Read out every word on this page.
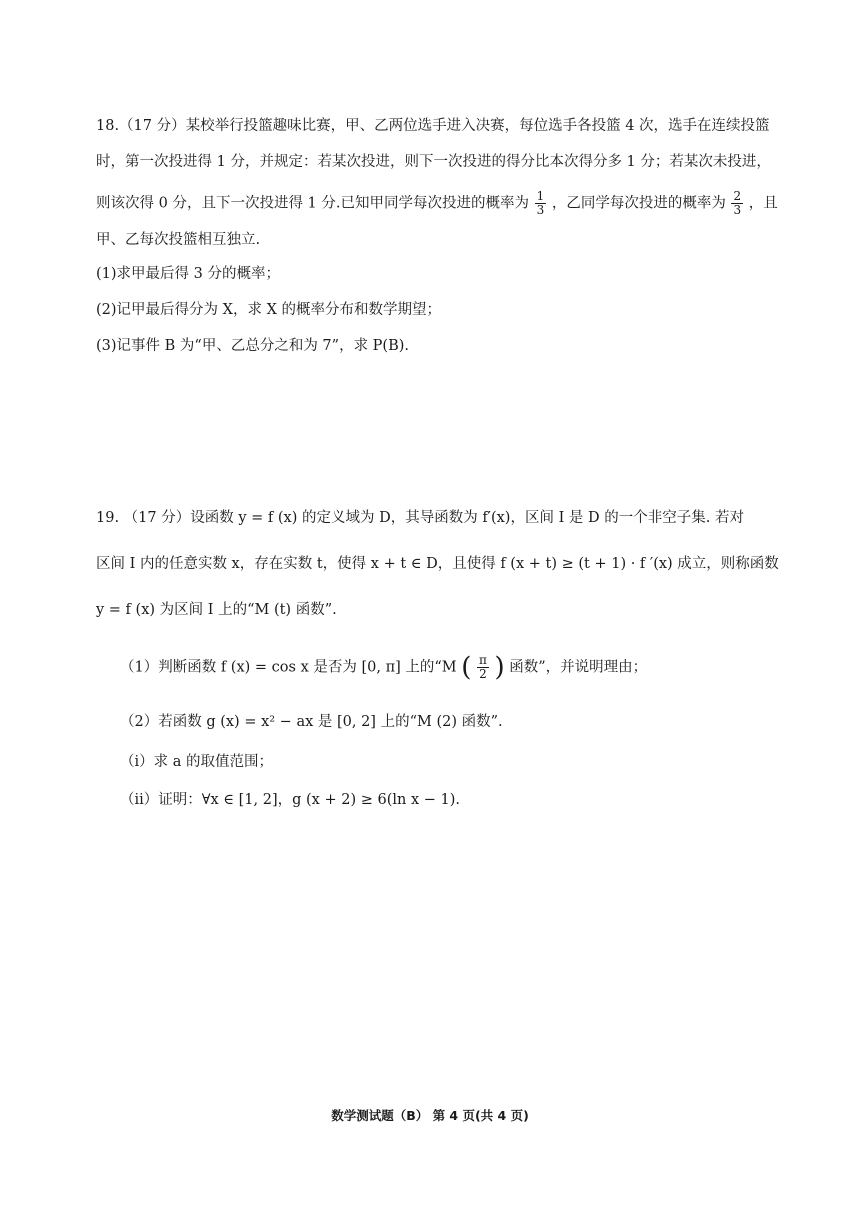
18.（17 分）某校举行投篮趣味比赛，甲、乙两位选手进入决赛，每位选手各投篮 4 次，选手在连续投篮
时，第一次投进得 1 分，并规定：若某次投进，则下一次投进的得分比本次得分多 1 分；若某次未投进，
则该次得 0 分，且下一次投进得 1 分.已知甲同学每次投进的概率为 $\frac{1}{3}$ ，乙同学每次投进的概率为 $\frac{2}{3}$ ，且
甲、乙每次投篮相互独立.
(1)求甲最后得 3 分的概率；
(2)记甲最后得分为 X，求 X 的概率分布和数学期望；
(3)记事件 B 为“甲、乙总分之和为 7”，求 P(B).
19. （17 分）设函数 y = f (x) 的定义域为 D，其导函数为 f′(x)，区间 I 是 D 的一个非空子集. 若对
区间 I 内的任意实数 x，存在实数 t，使得 x + t ∈ D，且使得 f (x + t) ≥ (t + 1) · f ′(x) 成立，则称函数
y = f (x) 为区间 I 上的“M (t) 函数”.
（1）判断函数 f (x) = cos x 是否为 [0, π] 上的“M ( $\frac{\pi}{2}$ ) 函数”，并说明理由；
（2）若函数 g (x) = x² − ax 是 [0, 2] 上的“M (2) 函数”.
（i）求 a 的取值范围；
（ii）证明：∀x ∈ [1, 2]，g (x + 2) ≥ 6(ln x − 1).
数学测试题（B） 第 4 页(共 4 页)
